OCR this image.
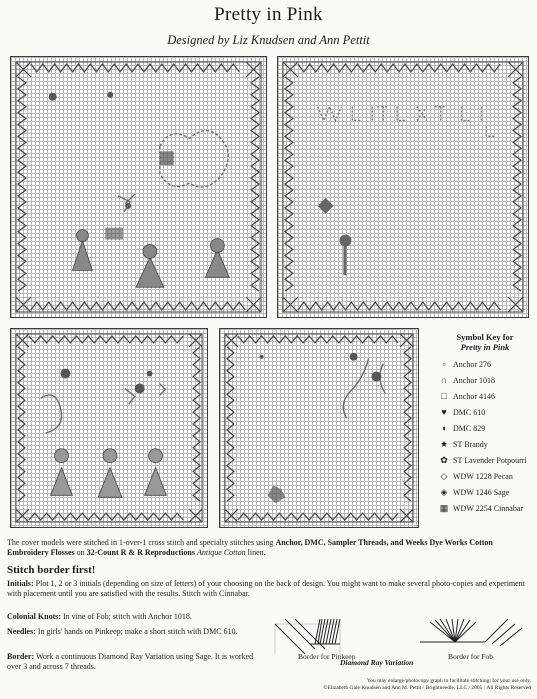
Pretty in Pink
Designed by Liz Knudsen and Ann Pettit
Symbol Key for
Pretty in Pink
▫ Anchor 276
∩ Anchor 1018
□ Anchor 4146
♥ DMC 610
◖ DMC 829
★ ST Brandy
✿ ST Lavender Potpourri
◇ WDW 1228 Pecan
◈ WDW 1246 Sage
▦ WDW 2254 Cinnabar

The cover models were stitched in 1-over-1 cross stitch and specialty stitches using Anchor, DMC, Sampler Threads, and Weeks Dye Works Cotton Embroidery Flosses on 32-Count R & R Reproductions Antique Cotton linen.

Stitch border first!
Initials: Plot 1, 2 or 3 initials (depending on size of letters) of your choosing on the back of design. You might want to make several photo-copies and experiment with placement until you are satisfied with the results. Stitch with Cinnabar.
Colonial Knots: In vine of Fob; stitch with Anchor 1018.
Needles: In girls' hands on Pinkeep; make a short stitch with DMC 610.
Border: Work a continuous Diamond Ray Variation using Sage. It is worked over 3 and across 7 threads.
Border for Pinkeep	Border for Fob
Diamond Ray Variation
You may enlarge/photocopy graph to facilitate stitching; for your use only.
©Elizabeth Gale Knudsen and Ann M. Pettit / Brightneedle, LLC / 2005 / All Rights Reserved
